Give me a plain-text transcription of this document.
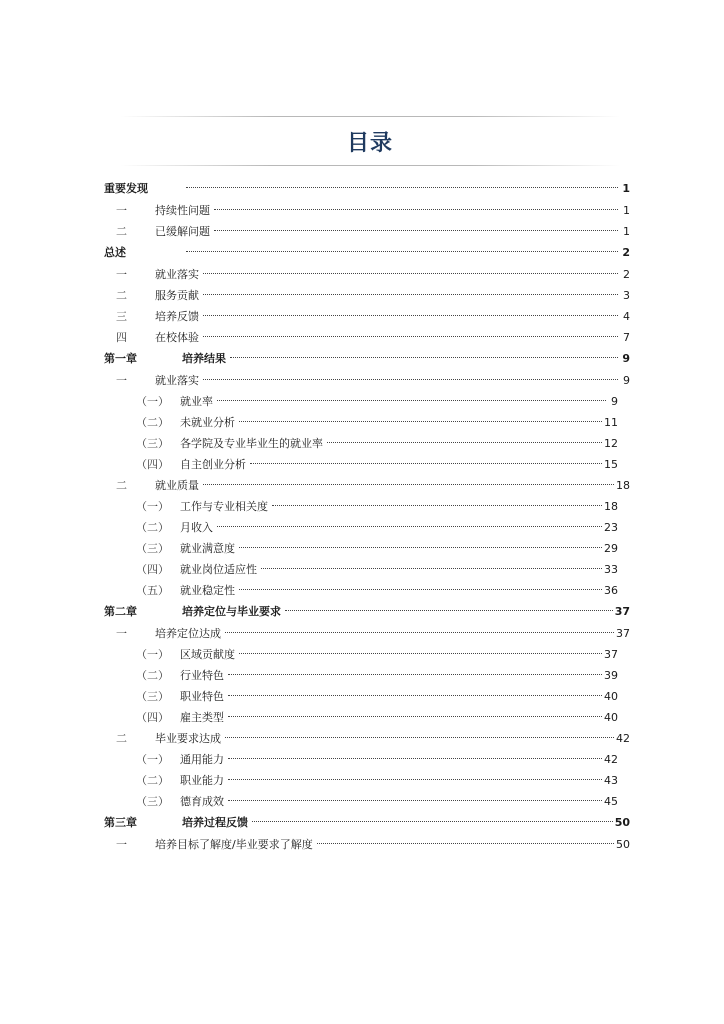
目录
重要发现	1
一	持续性问题	1
二	已缓解问题	1
总述	2
一	就业落实	2
二	服务贡献	3
三	培养反馈	4
四	在校体验	7
第一章	培养结果	9
一	就业落实	9
（一） 就业率	9
（二） 未就业分析	11
（三） 各学院及专业毕业生的就业率	12
（四） 自主创业分析	15
二	就业质量	18
（一） 工作与专业相关度	18
（二） 月收入	23
（三） 就业满意度	29
（四） 就业岗位适应性	33
（五） 就业稳定性	36
第二章	培养定位与毕业要求	37
一	培养定位达成	37
（一） 区域贡献度	37
（二） 行业特色	39
（三） 职业特色	40
（四） 雇主类型	40
二	毕业要求达成	42
（一） 通用能力	42
（二） 职业能力	43
（三） 德育成效	45
第三章	培养过程反馈	50
一	培养目标了解度/毕业要求了解度	50
